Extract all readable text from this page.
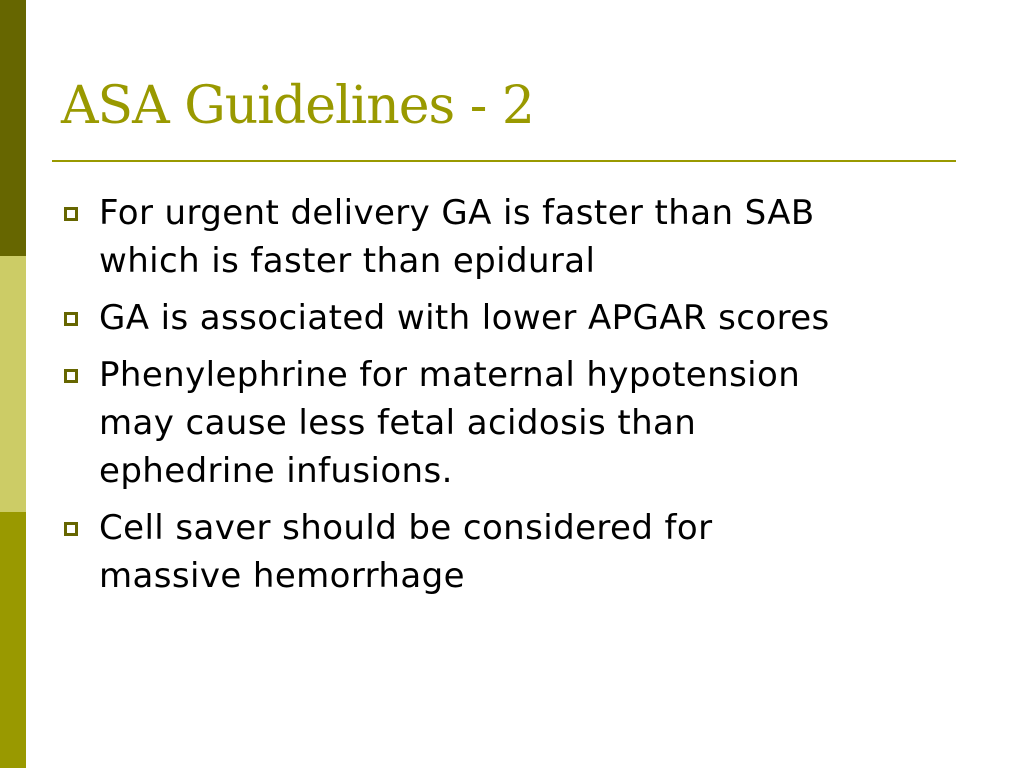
ASA Guidelines - 2
For urgent delivery GA is faster than SAB
which is faster than epidural
GA is associated with lower APGAR scores
Phenylephrine for maternal hypotension
may cause less fetal acidosis than
ephedrine infusions.
Cell saver should be considered for
massive hemorrhage
